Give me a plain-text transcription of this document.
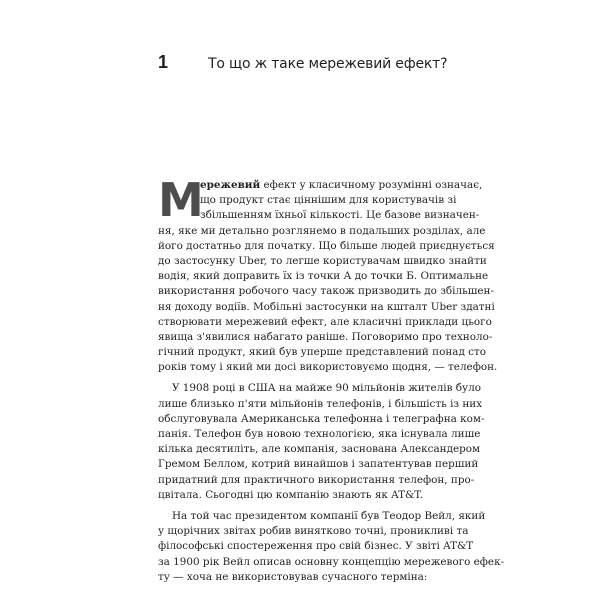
1	То що ж таке мережевий ефект?
М
ережевий ефект у класичному розумінні означає,
що продукт стає ціннішим для користувачів зі
збільшенням їхньої кількості. Це базове визначен-
ня, яке ми детально розглянемо в подальших розділах, але
його достатньо для початку. Що більше людей приєднується
до застосунку Uber, то легше користувачам швидко знайти
водія, який доправить їх із точки А до точки Б. Оптимальне
використання робочого часу також призводить до збільшен-
ня доходу водіїв. Мобільні застосунки на кшталт Uber здатні
створювати мережевий ефект, але класичні приклади цього
явища з'явилися набагато раніше. Поговоримо про техноло-
гічний продукт, який був уперше представлений понад сто
років тому і який ми досі використовуємо щодня, — телефон.
У 1908 році в США на майже 90 мільйонів жителів було
лише близько п'яти мільйонів телефонів, і більшість із них
обслуговувала Американська телефонна і телеграфна ком-
панія. Телефон був новою технологією, яка існувала лише
кілька десятиліть, але компанія, заснована Александером
Гремом Беллом, котрий винайшов і запатентував перший
придатний для практичного використання телефон, про-
цвітала. Сьогодні цю компанію знають як AT&T.
На той час президентом компанії був Теодор Вейл, який
у щорічних звітах робив винятково точні, проникливі та
філософські спостереження про свій бізнес. У звіті AT&T
за 1900 рік Вейл описав основну концепцію мережевого ефек-
ту — хоча не використовував сучасного терміна:
